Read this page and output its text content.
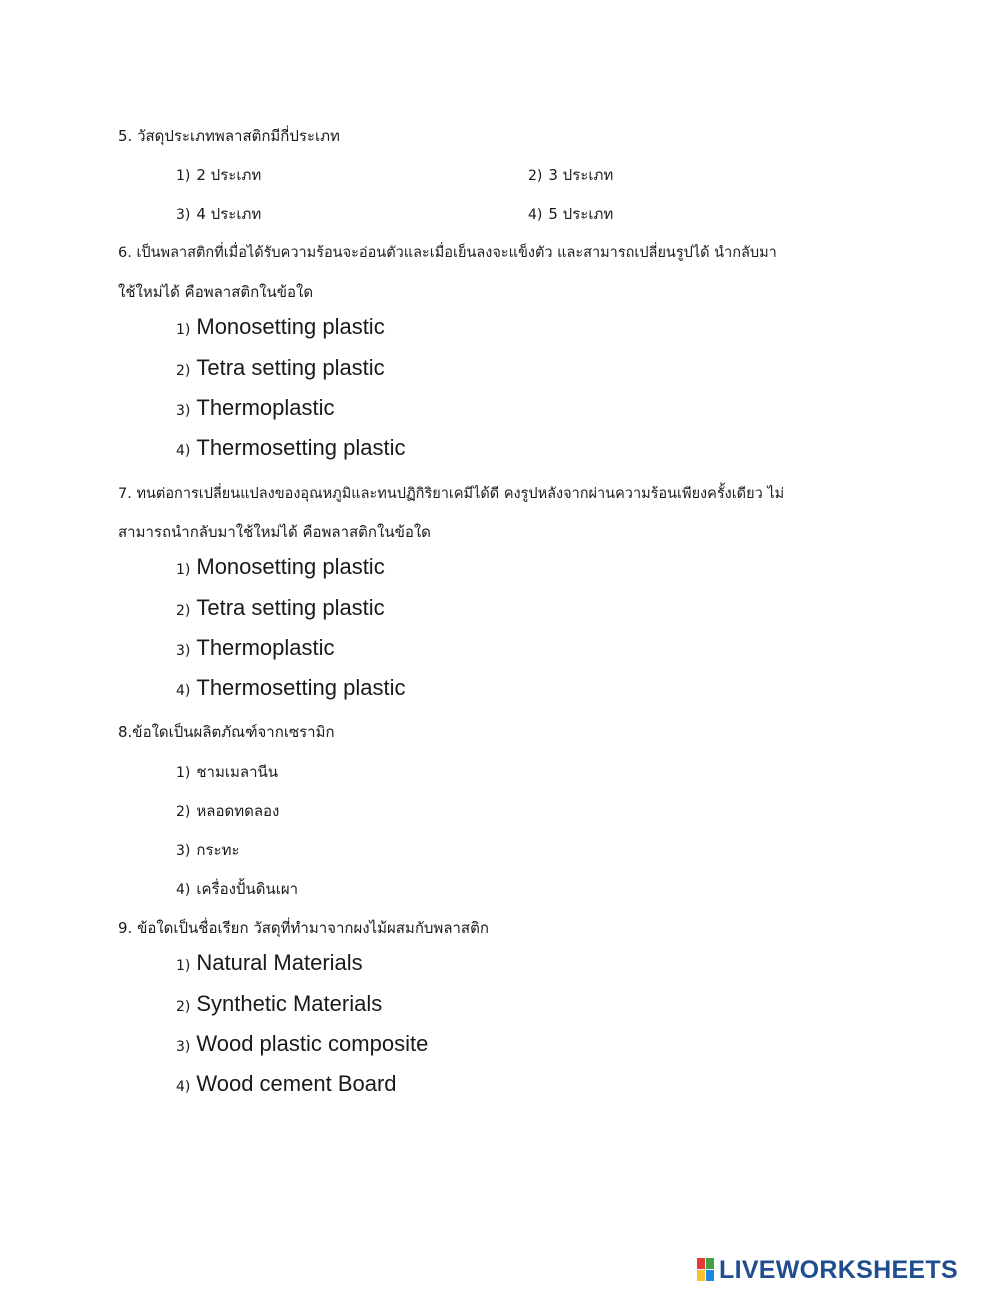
5. วัสดุประเภทพลาสติกมีกี่ประเภท
1) 2 ประเภท	2) 3 ประเภท
3) 4 ประเภท	4) 5 ประเภท
6. เป็นพลาสติกที่เมื่อได้รับความร้อนจะอ่อนตัวและเมื่อเย็นลงจะแข็งตัว และสามารถเปลี่ยนรูปได้ นำกลับมา
ใช้ใหม่ได้ คือพลาสติกในข้อใด
1) Monosetting plastic
2) Tetra setting plastic
3) Thermoplastic
4) Thermosetting plastic
7. ทนต่อการเปลี่ยนแปลงของอุณหภูมิและทนปฏิกิริยาเคมีได้ดี คงรูปหลังจากผ่านความร้อนเพียงครั้งเดียว ไม่
สามารถนำกลับมาใช้ใหม่ได้ คือพลาสติกในข้อใด
1) Monosetting plastic
2) Tetra setting plastic
3) Thermoplastic
4) Thermosetting plastic
8.ข้อใดเป็นผลิตภัณฑ์จากเซรามิก
1) ชามเมลานีน
2) หลอดทดลอง
3) กระทะ
4) เครื่องปั้นดินเผา
9. ข้อใดเป็นชื่อเรียก วัสดุที่ทำมาจากผงไม้ผสมกับพลาสติก
1) Natural Materials
2) Synthetic Materials
3) Wood plastic composite
4) Wood cement Board
LIVEWORKSHEETS
